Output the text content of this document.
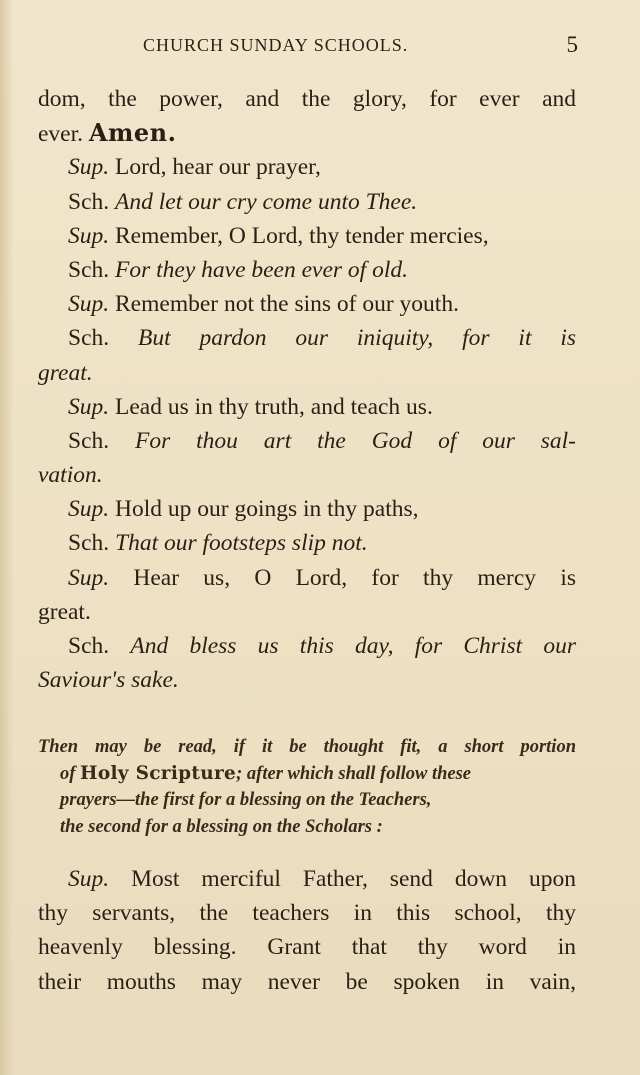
CHURCH SUNDAY SCHOOLS.	5
dom, the power, and the glory, for ever and
ever. Amen.
Sup. Lord, hear our prayer,
Sch. And let our cry come unto Thee.
Sup. Remember, O Lord, thy tender mercies,
Sch. For they have been ever of old.
Sup. Remember not the sins of our youth.
Sch. But pardon our iniquity, for it is
great.
Sup. Lead us in thy truth, and teach us.
Sch. For thou art the God of our sal-
vation.
Sup. Hold up our goings in thy paths,
Sch. That our footsteps slip not.
Sup. Hear us, O Lord, for thy mercy is
great.
Sch. And bless us this day, for Christ our
Saviour's sake.
Then may be read, if it be thought fit, a short portion
of Holy Scripture; after which shall follow these
prayers—the first for a blessing on the Teachers,
the second for a blessing on the Scholars :
Sup. Most merciful Father, send down upon
thy servants, the teachers in this school, thy
heavenly blessing. Grant that thy word in
their mouths may never be spoken in vain,
